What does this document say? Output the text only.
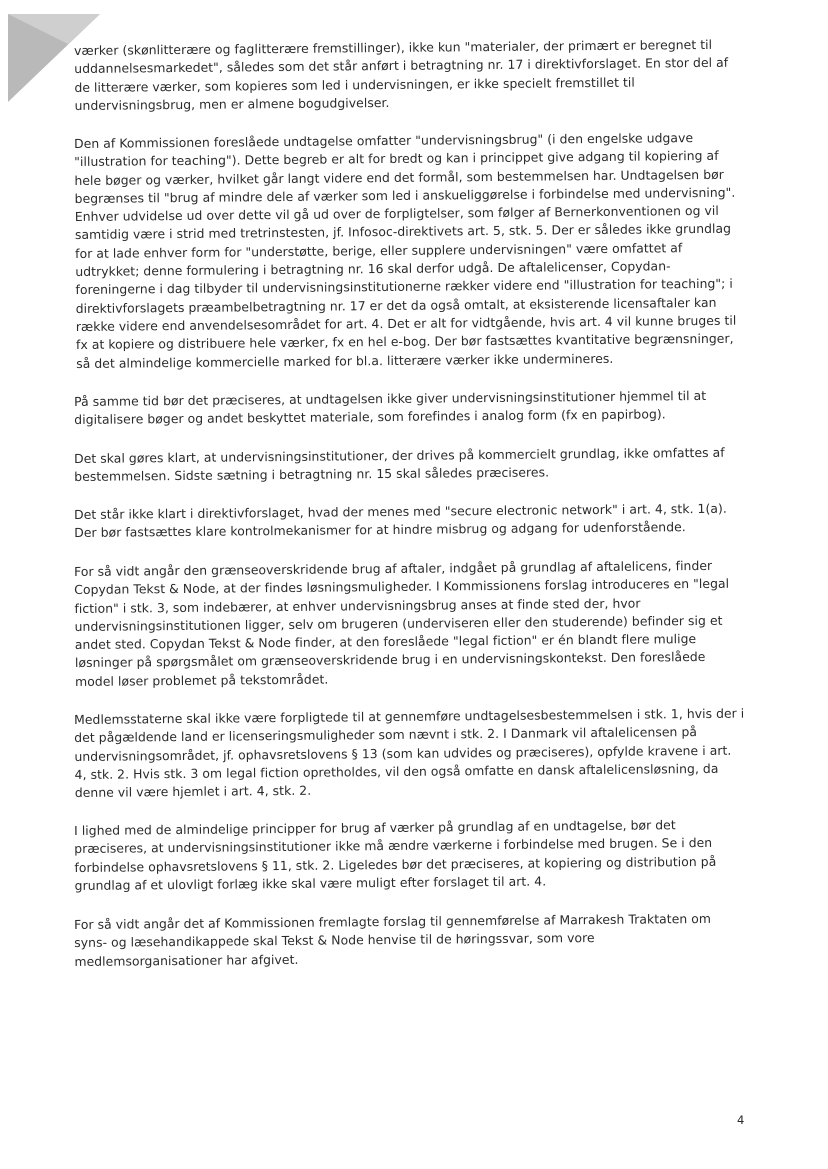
værker (skønlitterære og faglitterære fremstillinger), ikke kun "materialer, der primært er beregnet til uddannelsesmarkedet", således som det står anført i betragtning nr. 17 i direktivforslaget. En stor del af de litterære værker, som kopieres som led i undervisningen, er ikke specielt fremstillet til undervisningsbrug, men er almene bogudgivelser.

Den af Kommissionen foreslåede undtagelse omfatter "undervisningsbrug" (i den engelske udgave "illustration for teaching"). Dette begreb er alt for bredt og kan i princippet give adgang til kopiering af hele bøger og værker, hvilket går langt videre end det formål, som bestemmelsen har. Undtagelsen bør begrænses til "brug af mindre dele af værker som led i anskueliggørelse i forbindelse med undervisning". Enhver udvidelse ud over dette vil gå ud over de forpligtelser, som følger af Bernerkonventionen og vil samtidig være i strid med tretrinstesten, jf. Infosoc-direktivets art. 5, stk. 5. Der er således ikke grundlag for at lade enhver form for "understøtte, berige, eller supplere undervisningen" være omfattet af udtrykket; denne formulering i betragtning nr. 16 skal derfor udgå. De aftalelicenser, Copydan-foreningerne i dag tilbyder til undervisningsinstitutionerne rækker videre end "illustration for teaching"; i direktivforslagets præambelbetragtning nr. 17 er det da også omtalt, at eksisterende licensaftaler kan række videre end anvendelsesområdet for art. 4. Det er alt for vidtgående, hvis art. 4 vil kunne bruges til fx at kopiere og distribuere hele værker, fx en hel e-bog. Der bør fastsættes kvantitative begrænsninger, så det almindelige kommercielle marked for bl.a. litterære værker ikke undermineres.

På samme tid bør det præciseres, at undtagelsen ikke giver undervisningsinstitutioner hjemmel til at digitalisere bøger og andet beskyttet materiale, som forefindes i analog form (fx en papirbog).

Det skal gøres klart, at undervisningsinstitutioner, der drives på kommercielt grundlag, ikke omfattes af bestemmelsen. Sidste sætning i betragtning nr. 15 skal således præciseres.

Det står ikke klart i direktivforslaget, hvad der menes med "secure electronic network" i art. 4, stk. 1(a). Der bør fastsættes klare kontrolmekanismer for at hindre misbrug og adgang for udenforstående.

For så vidt angår den grænseoverskridende brug af aftaler, indgået på grundlag af aftalelicens, finder Copydan Tekst & Node, at der findes løsningsmuligheder. I Kommissionens forslag introduceres en "legal fiction" i stk. 3, som indebærer, at enhver undervisningsbrug anses at finde sted der, hvor undervisningsinstitutionen ligger, selv om brugeren (underviseren eller den studerende) befinder sig et andet sted. Copydan Tekst & Node finder, at den foreslåede "legal fiction" er én blandt flere mulige løsninger på spørgsmålet om grænseoverskridende brug i en undervisningskontekst. Den foreslåede model løser problemet på tekstområdet.

Medlemsstaterne skal ikke være forpligtede til at gennemføre undtagelsesbestemmelsen i stk. 1, hvis der i det pågældende land er licenseringsmuligheder som nævnt i stk. 2. I Danmark vil aftalelicensen på undervisningsområdet, jf. ophavsretslovens § 13 (som kan udvides og præciseres), opfylde kravene i art. 4, stk. 2. Hvis stk. 3 om legal fiction opretholdes, vil den også omfatte en dansk aftalelicensløsning, da denne vil være hjemlet i art. 4, stk. 2.

I lighed med de almindelige principper for brug af værker på grundlag af en undtagelse, bør det præciseres, at undervisningsinstitutioner ikke må ændre værkerne i forbindelse med brugen. Se i den forbindelse ophavsretslovens § 11, stk. 2. Ligeledes bør det præciseres, at kopiering og distribution på grundlag af et ulovligt forlæg ikke skal være muligt efter forslaget til art. 4.

For så vidt angår det af Kommissionen fremlagte forslag til gennemførelse af Marrakesh Traktaten om syns- og læsehandikappede skal Tekst & Node henvise til de høringssvar, som vore medlemsorganisationer har afgivet.

4
